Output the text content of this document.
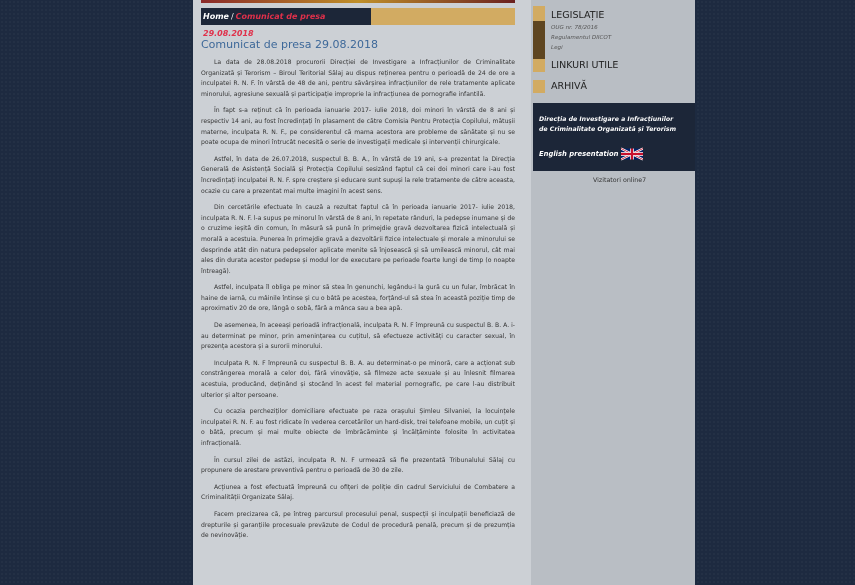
Home / Comunicat de presa 29.08.2018
Comunicat de presa 29.08.2018

La data de 28.08.2018 procurorii Direcției de Investigare a Infracțiunilor de Criminalitate Organizată și Terorism – Biroul Teritorial Sălaj au dispus reținerea pentru o perioadă de 24 de ore a inculpatei R. N. F. în vârstă de 48 de ani, pentru săvârșirea infracțiunilor de rele tratamente aplicate minorului, agresiune sexuală și participație improprie la infracțiunea de pornografie infantilă.

În fapt s-a reținut că în perioada ianuarie 2017- iulie 2018, doi minori în vârstă de 8 ani și respectiv 14 ani, au fost încredințați în plasament de către Comisia Pentru Protecția Copilului, mătușii materne, inculpata R. N. F., pe considerentul că mama acestora are probleme de sănătate și nu se poate ocupa de minori întrucât necesită o serie de investigații medicale și intervenții chirurgicale.

Astfel, în data de 26.07.2018, suspectul B. B. A., în vârstă de 19 ani, s-a prezentat la Direcția Generală de Asistență Socială și Protecția Copilului sesizând faptul că cei doi minori care i-au fost încredințați inculpatei R. N. F. spre creștere și educare sunt supuși la rele tratamente de către aceasta, ocazie cu care a prezentat mai multe imagini în acest sens.

Din cercetările efectuate în cauză a rezultat faptul că în perioada ianuarie 2017- iulie 2018, inculpata R. N. F. l-a supus pe minorul în vârstă de 8 ani, în repetate rânduri, la pedepse inumane și de o cruzime ieșită din comun, în măsură să pună în primejdie gravă dezvoltarea fizică intelectuală și morală a acestuia. Punerea în primejdie gravă a dezvoltării fizice intelectuale și morale a minorului se desprinde atât din natura pedepselor aplicate menite să înjosească și să umilească minorul, cât mai ales din durata acestor pedepse și modul lor de executare pe perioade foarte lungi de timp (o noapte întreagă).

Astfel, inculpata îl obliga pe minor să stea în genunchi, legându-i la gură cu un fular, îmbrăcat în haine de iarnă, cu mâinile întinse și cu o bâtă pe acestea, forțând-ul să stea în această poziție timp de aproximativ 20 de ore, lângă o sobă, fără a mânca sau a bea apă.

De asemenea, în aceeași perioadă infracțională, inculpata R. N. F împreună cu suspectul B. B. A. i-au determinat pe minor, prin amenințarea cu cuțitul, să efectueze activități cu caracter sexual, în prezența acestora și a surorii minorului.

Inculpata R. N. F împreună cu suspectul B. B. A. au determinat-o pe minoră, care a acționat sub constrângerea morală a celor doi, fără vinovăție, să filmeze acte sexuale și au înlesnit filmarea acestuia, producând, deținând și stocând în acest fel material pornografic, pe care l-au distribuit ulterior și altor persoane.

Cu ocazia percheziților domiciliare efectuate pe raza orașului Șimleu Silvaniei, la locuințele inculpatei R. N. F. au fost ridicate în vederea cercetărilor un hard-disk, trei telefoane mobile, un cuțit și o bâtă, precum și mai multe obiecte de îmbrăcăminte și încălțăminte folosite în activitatea infracțională.

În cursul zilei de astăzi, inculpata R. N. F urmează să fie prezentată Tribunalului Sălaj cu propunere de arestare preventivă pentru o perioadă de 30 de zile.

Acțiunea a fost efectuată împreună cu ofițeri de poliție din cadrul Serviciului de Combatere a Criminalității Organizate Sălaj.

Facem precizarea că, pe întreg parcursul procesului penal, suspecții și inculpații beneficiază de drepturile și garanțiile procesuale prevăzute de Codul de procedură penală, precum și de prezumția de nevinovăție.

LEGISLAȚIE
OUG nr. 78/2016
Regulamentul DIICOT
Legi
LINKURI UTILE
ARHIVĂ
Direcția de Investigare a Infracțiunilor
de Criminalitate Organizată și Terorism
English presentation
Vizitatori online7
